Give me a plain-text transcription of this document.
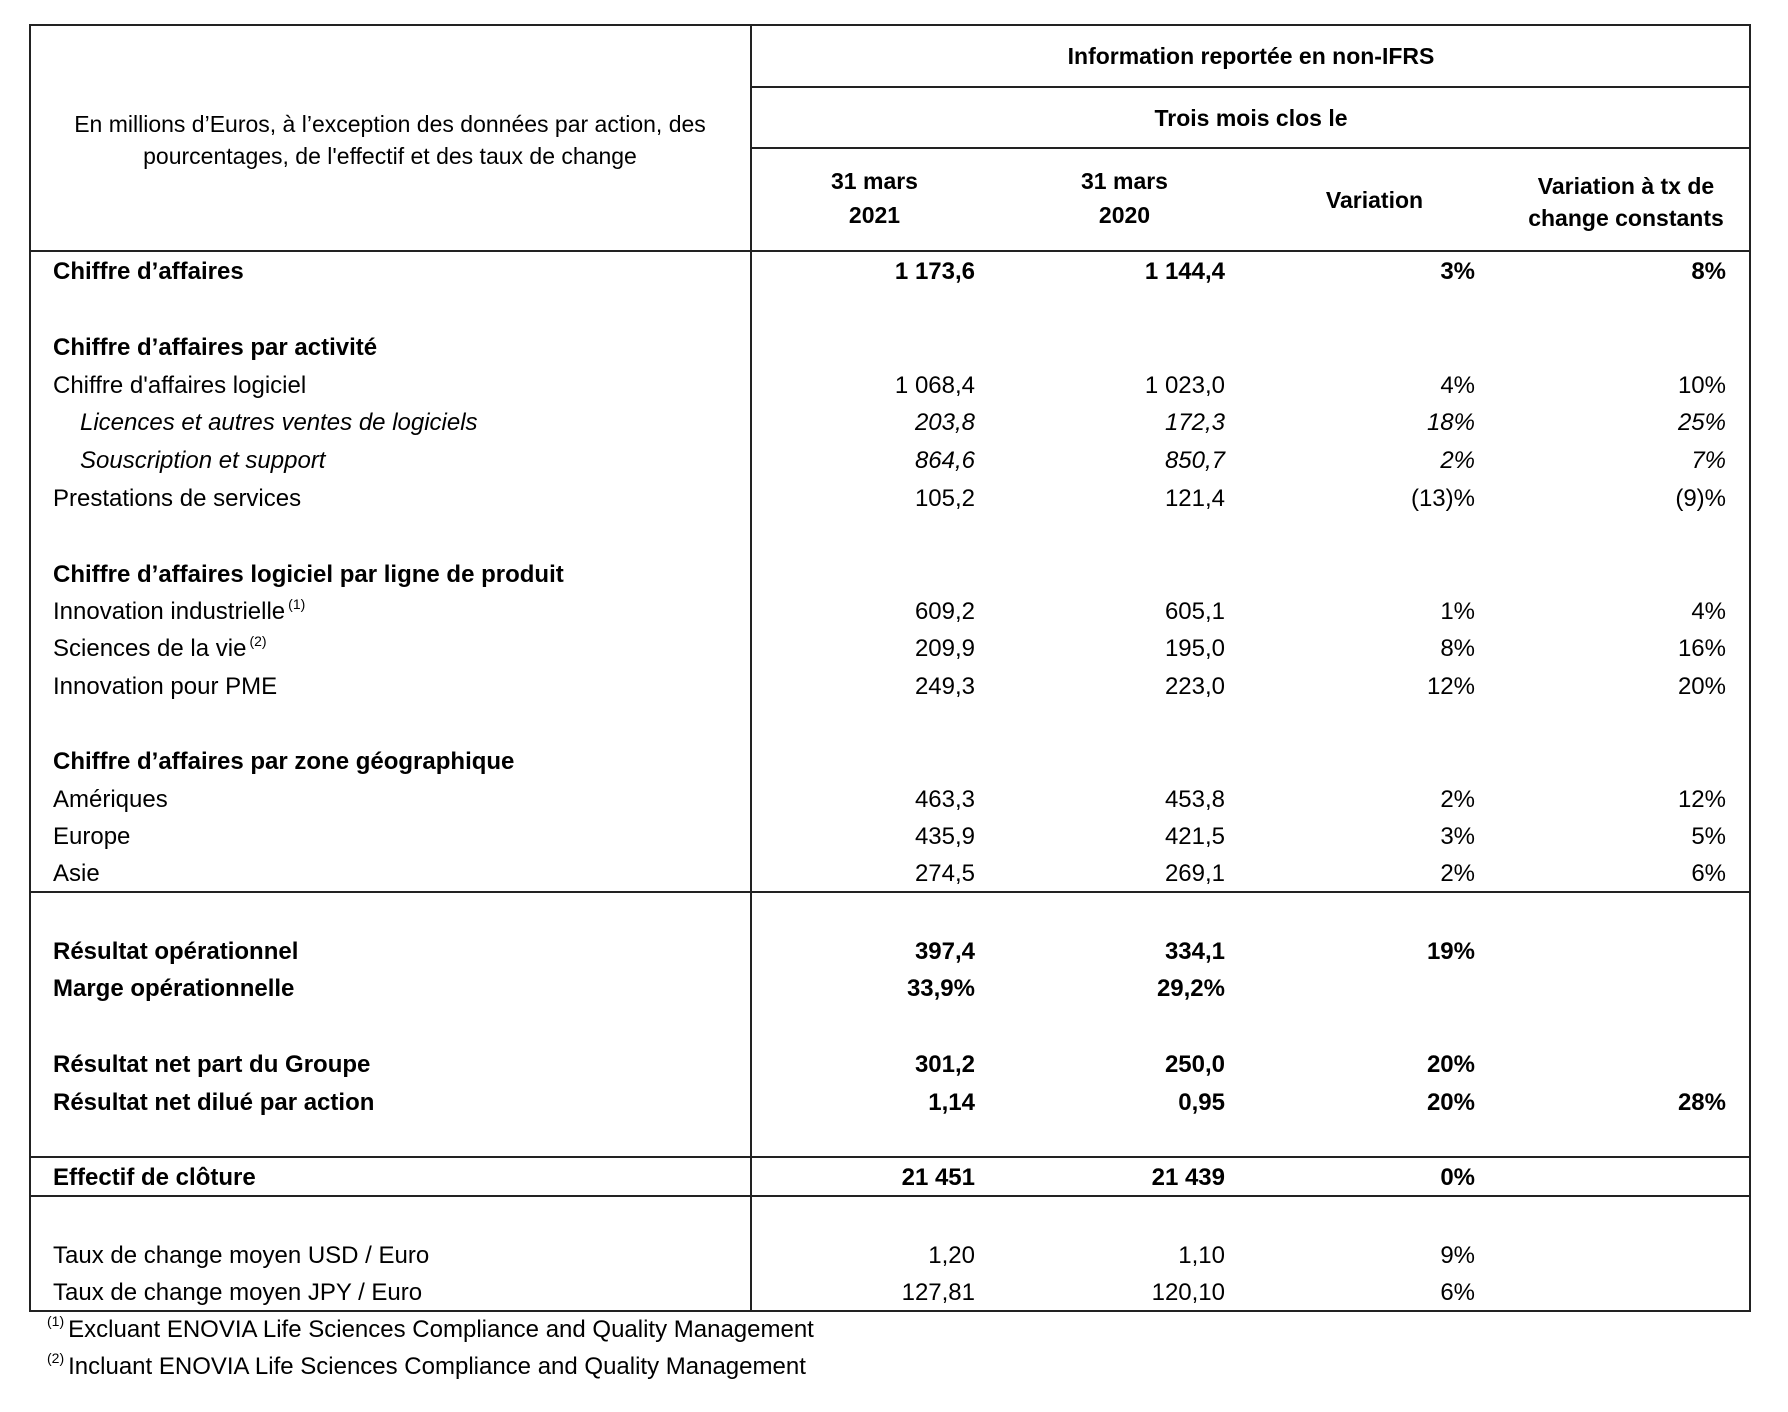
En millions d’Euros, à l’exception des données par action, des
pourcentages, de l'effectif et des taux de change
Information reportée en non-IFRS
Trois mois clos le
31 mars
2021
31 mars
2020
Variation
Variation à tx de
change constants
Chiffre d’affaires	1 173,6	1 144,4	3%	8%
Chiffre d’affaires par activité
Chiffre d'affaires logiciel	1 068,4	1 023,0	4%	10%
Licences et autres ventes de logiciels	203,8	172,3	18%	25%
Souscription et support	864,6	850,7	2%	7%
Prestations de services	105,2	121,4	(13)%	(9)%
Chiffre d’affaires logiciel par ligne de produit
Innovation industrielle $^{(1)}$	609,2	605,1	1%	4%
Sciences de la vie $^{(2)}$	209,9	195,0	8%	16%
Innovation pour PME	249,3	223,0	12%	20%
Chiffre d’affaires par zone géographique
Amériques	463,3	453,8	2%	12%
Europe	435,9	421,5	3%	5%
Asie	274,5	269,1	2%	6%
Résultat opérationnel	397,4	334,1	19%
Marge opérationnelle	33,9%	29,2%
Résultat net part du Groupe	301,2	250,0	20%
Résultat net dilué par action	1,14	0,95	20%	28%
Effectif de clôture	21 451	21 439	0%
Taux de change moyen USD / Euro	1,20	1,10	9%
Taux de change moyen JPY / Euro	127,81	120,10	6%
$^{(1)}$ Excluant ENOVIA Life Sciences Compliance and Quality Management
$^{(2)}$ Incluant ENOVIA Life Sciences Compliance and Quality Management
